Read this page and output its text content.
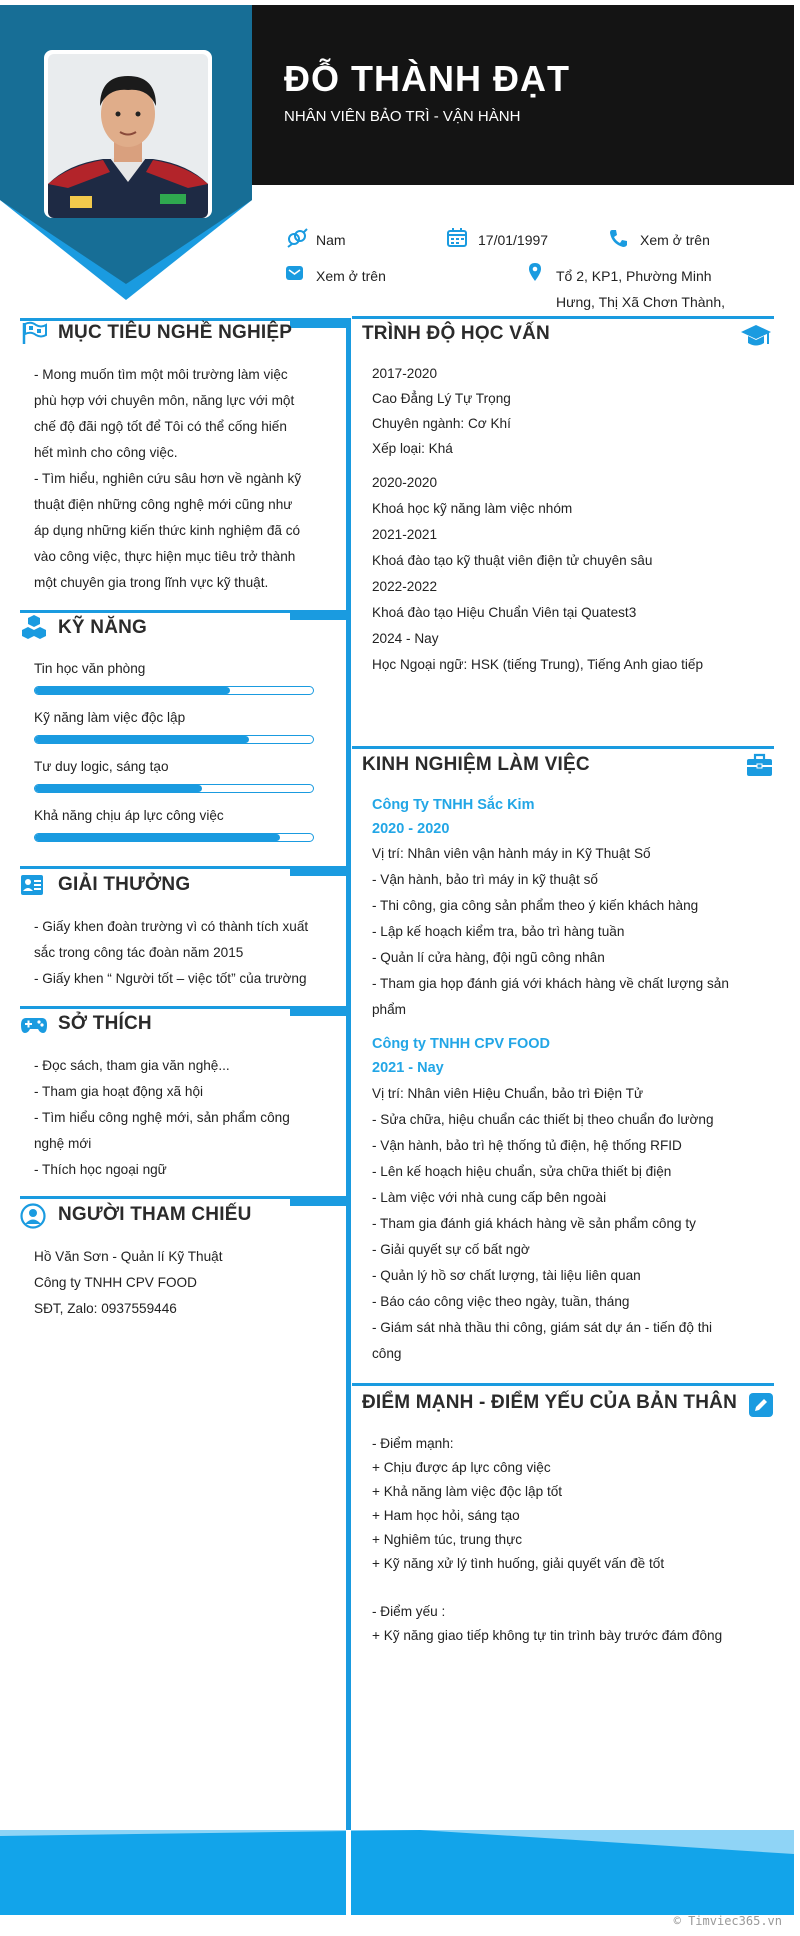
ĐỖ THÀNH ĐẠT
NHÂN VIÊN BẢO TRÌ - VẬN HÀNH
Nam	17/01/1997	Xem ở trên
Xem ở trên	Tổ 2, KP1, Phường Minh
Hưng, Thị Xã Chơn Thành,
MỤC TIÊU NGHỀ NGHIỆP
- Mong muốn tìm một môi trường làm việc
phù hợp với chuyên môn, năng lực với một
chế độ đãi ngộ tốt để Tôi có thể cống hiến
hết mình cho công việc.
- Tìm hiểu, nghiên cứu sâu hơn về ngành kỹ
thuật điện những công nghệ mới cũng như
áp dụng những kiến thức kinh nghiệm đã có
vào công việc, thực hiện mục tiêu trở thành
một chuyên gia trong lĩnh vực kỹ thuật.
KỸ NĂNG
Tin học văn phòng
Kỹ năng làm việc độc lập
Tư duy logic, sáng tạo
Khả năng chịu áp lực công việc
GIẢI THƯỞNG
- Giấy khen đoàn trường vì có thành tích xuất
sắc trong công tác đoàn năm 2015
- Giấy khen “ Người tốt – việc tốt” của trường
SỞ THÍCH
- Đọc sách, tham gia văn nghệ...
- Tham gia hoạt động xã hội
- Tìm hiểu công nghệ mới, sản phẩm công
nghệ mới
- Thích học ngoại ngữ
NGƯỜI THAM CHIẾU
Hồ Văn Sơn - Quản lí Kỹ Thuật
Công ty TNHH CPV FOOD
SĐT, Zalo: 0937559446
TRÌNH ĐỘ HỌC VẤN
2017-2020
Cao Đẳng Lý Tự Trọng
Chuyên ngành: Cơ Khí
Xếp loại: Khá
2020-2020
Khoá học kỹ năng làm việc nhóm
2021-2021
Khoá đào tạo kỹ thuật viên điện tử chuyên sâu
2022-2022
Khoá đào tạo Hiệu Chuẩn Viên tại Quatest3
2024 - Nay
Học Ngoại ngữ: HSK (tiếng Trung), Tiếng Anh giao tiếp
KINH NGHIỆM LÀM VIỆC
Công Ty TNHH Sắc Kim
2020 - 2020
Vị trí: Nhân viên vận hành máy in Kỹ Thuật Số
- Vận hành, bảo trì máy in kỹ thuật số
- Thi công, gia công sản phẩm theo ý kiến khách hàng
- Lập kế hoạch kiểm tra, bảo trì hàng tuần
- Quản lí cửa hàng, đội ngũ công nhân
- Tham gia họp đánh giá với khách hàng về chất lượng sản
phẩm
Công ty TNHH CPV FOOD
2021 - Nay
Vị trí: Nhân viên Hiệu Chuẩn, bảo trì Điện Tử
- Sửa chữa, hiệu chuẩn các thiết bị theo chuẩn đo lường
- Vận hành, bảo trì hệ thống tủ điện, hệ thống RFID
- Lên kế hoạch hiệu chuẩn, sửa chữa thiết bị điện
- Làm việc với nhà cung cấp bên ngoài
- Tham gia đánh giá khách hàng về sản phẩm công ty
- Giải quyết sự cố bất ngờ
- Quản lý hồ sơ chất lượng, tài liệu liên quan
- Báo cáo công việc theo ngày, tuần, tháng
- Giám sát nhà thầu thi công, giám sát dự án - tiến độ thi
công
ĐIỂM MẠNH - ĐIỂM YẾU CỦA BẢN THÂN
- Điểm mạnh:
+ Chịu được áp lực công việc
+ Khả năng làm việc độc lập tốt
+ Ham học hỏi, sáng tạo
+ Nghiêm túc, trung thực
+ Kỹ năng xử lý tình huống, giải quyết vấn đề tốt
- Điểm yếu :
+ Kỹ năng giao tiếp không tự tin trình bày trước đám đông
© Timviec365.vn
